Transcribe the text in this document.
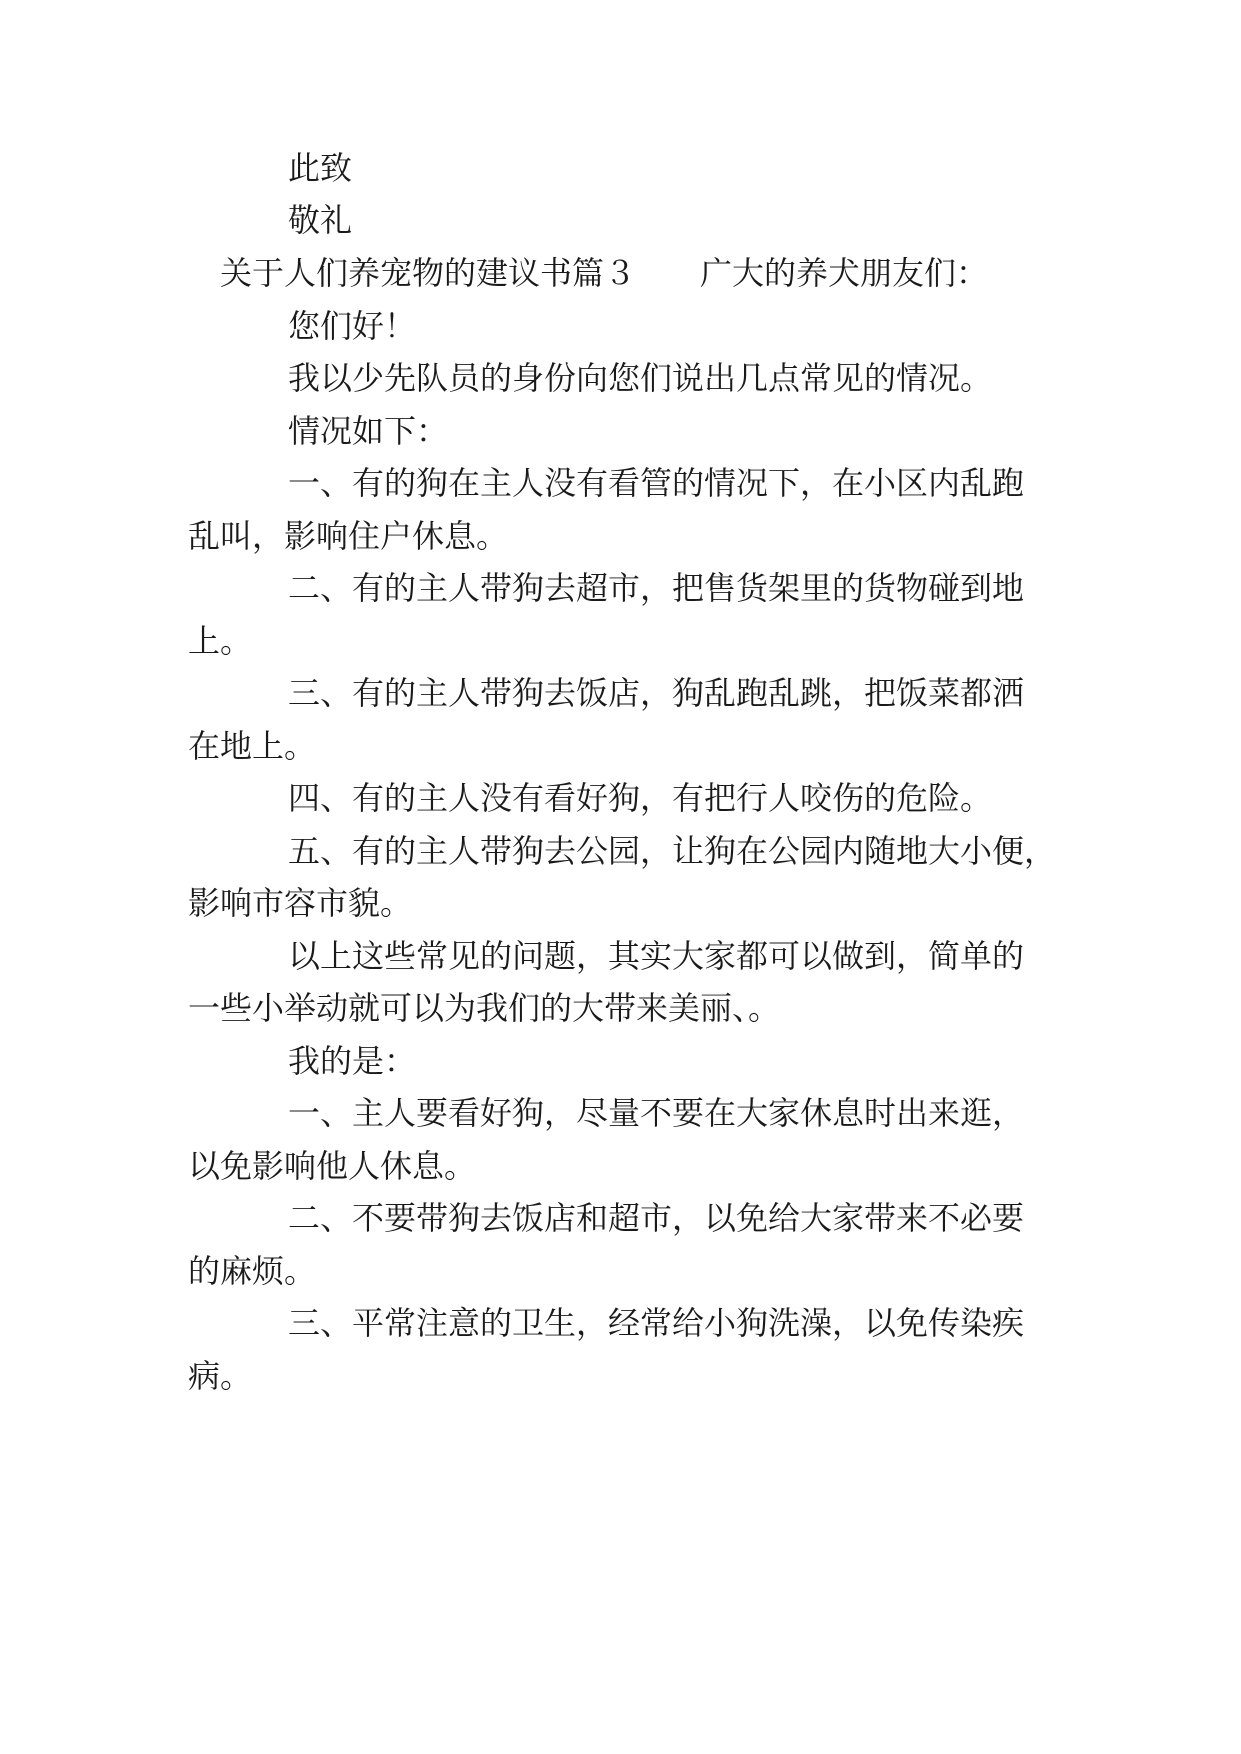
此致

敬礼

关于人们养宠物的建议书篇３ 广大的养犬朋友们：

您们好！

我以少先队员的身份向您们说出几点常见的情况。

情况如下：

一、有的狗在主人没有看管的情况下，在小区内乱跑

乱叫，影响住户休息。

二、有的主人带狗去超市，把售货架里的货物碰到地

上。

三、有的主人带狗去饭店，狗乱跑乱跳，把饭菜都洒

在地上。

四、有的主人没有看好狗，有把行人咬伤的危险。

五、有的主人带狗去公园，让狗在公园内随地大小便，

影响市容市貌。

以上这些常见的问题，其实大家都可以做到，简单的

一些小举动就可以为我们的大带来美丽、。

我的是：

一、主人要看好狗，尽量不要在大家休息时出来逛，

以免影响他人休息。

二、不要带狗去饭店和超市，以免给大家带来不必要

的麻烦。

三、平常注意的卫生，经常给小狗洗澡，以免传染疾

病。
